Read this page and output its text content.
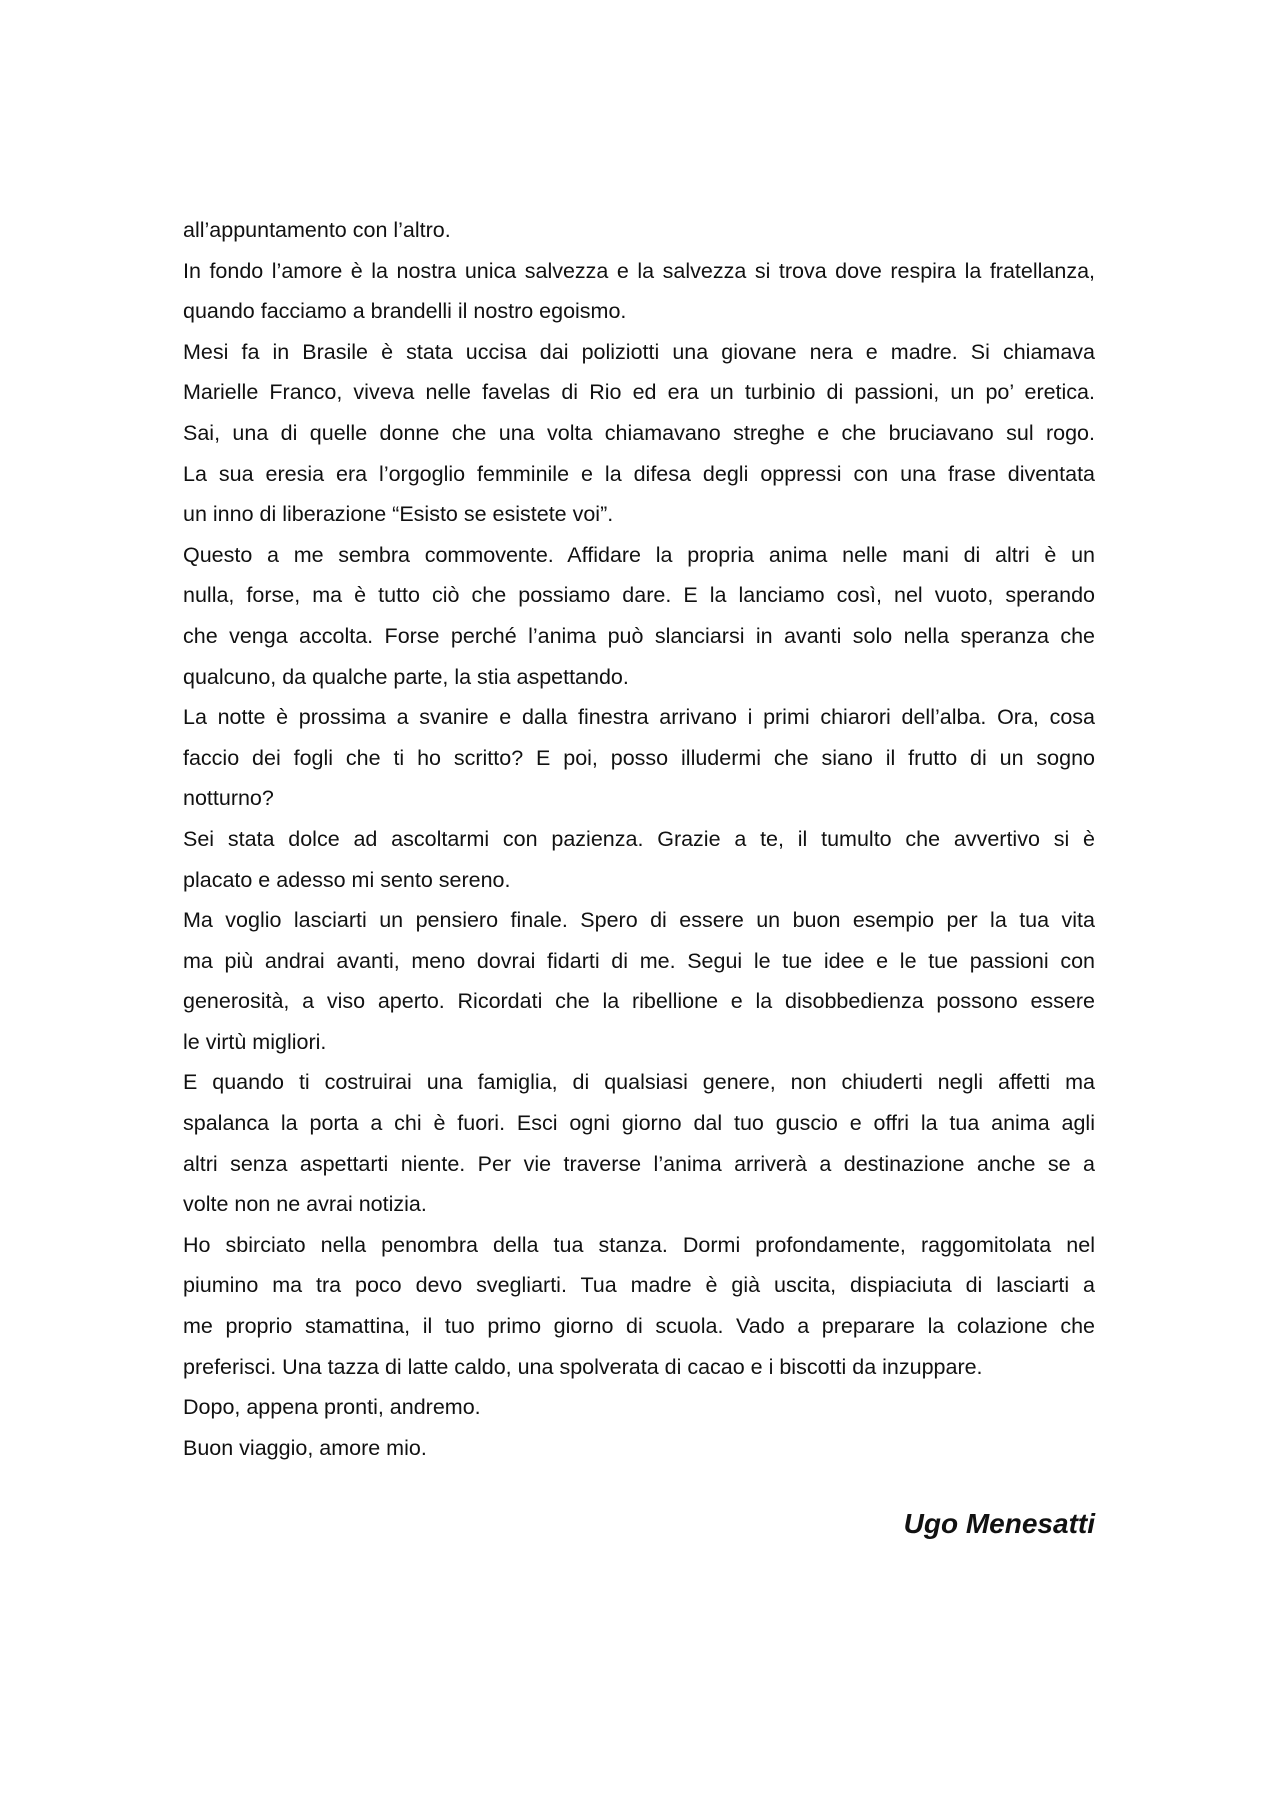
all’appuntamento con l’altro.
In fondo l’amore è la nostra unica salvezza e la salvezza si trova dove respira la fratellanza,
quando facciamo a brandelli il nostro egoismo.
Mesi fa in Brasile è stata uccisa dai poliziotti una giovane nera e madre. Si chiamava
Marielle Franco, viveva nelle favelas di Rio ed era un turbinio di passioni, un po’ eretica.
Sai, una di quelle donne che una volta chiamavano streghe e che bruciavano sul rogo.
La sua eresia era l’orgoglio femminile e la difesa degli oppressi con una frase diventata
un inno di liberazione “Esisto se esistete voi”.
Questo a me sembra commovente. Affidare la propria anima nelle mani di altri è un
nulla, forse, ma è tutto ciò che possiamo dare. E la lanciamo così, nel vuoto, sperando
che venga accolta. Forse perché l’anima può slanciarsi in avanti solo nella speranza che
qualcuno, da qualche parte, la stia aspettando.
La notte è prossima a svanire e dalla finestra arrivano i primi chiarori dell’alba. Ora, cosa
faccio dei fogli che ti ho scritto? E poi, posso illudermi che siano il frutto di un sogno
notturno?
Sei stata dolce ad ascoltarmi con pazienza. Grazie a te, il tumulto che avvertivo si è
placato e adesso mi sento sereno.
Ma voglio lasciarti un pensiero finale. Spero di essere un buon esempio per la tua vita
ma più andrai avanti, meno dovrai fidarti di me. Segui le tue idee e le tue passioni con
generosità, a viso aperto. Ricordati che la ribellione e la disobbedienza possono essere
le virtù migliori.
E quando ti costruirai una famiglia, di qualsiasi genere, non chiuderti negli affetti ma
spalanca la porta a chi è fuori. Esci ogni giorno dal tuo guscio e offri la tua anima agli
altri senza aspettarti niente. Per vie traverse l’anima arriverà a destinazione anche se a
volte non ne avrai notizia.
Ho sbirciato nella penombra della tua stanza. Dormi profondamente, raggomitolata nel
piumino ma tra poco devo svegliarti. Tua madre è già uscita, dispiaciuta di lasciarti a
me proprio stamattina, il tuo primo giorno di scuola. Vado a preparare la colazione che
preferisci. Una tazza di latte caldo, una spolverata di cacao e i biscotti da inzuppare.
Dopo, appena pronti, andremo.
Buon viaggio, amore mio.
Ugo Menesatti
